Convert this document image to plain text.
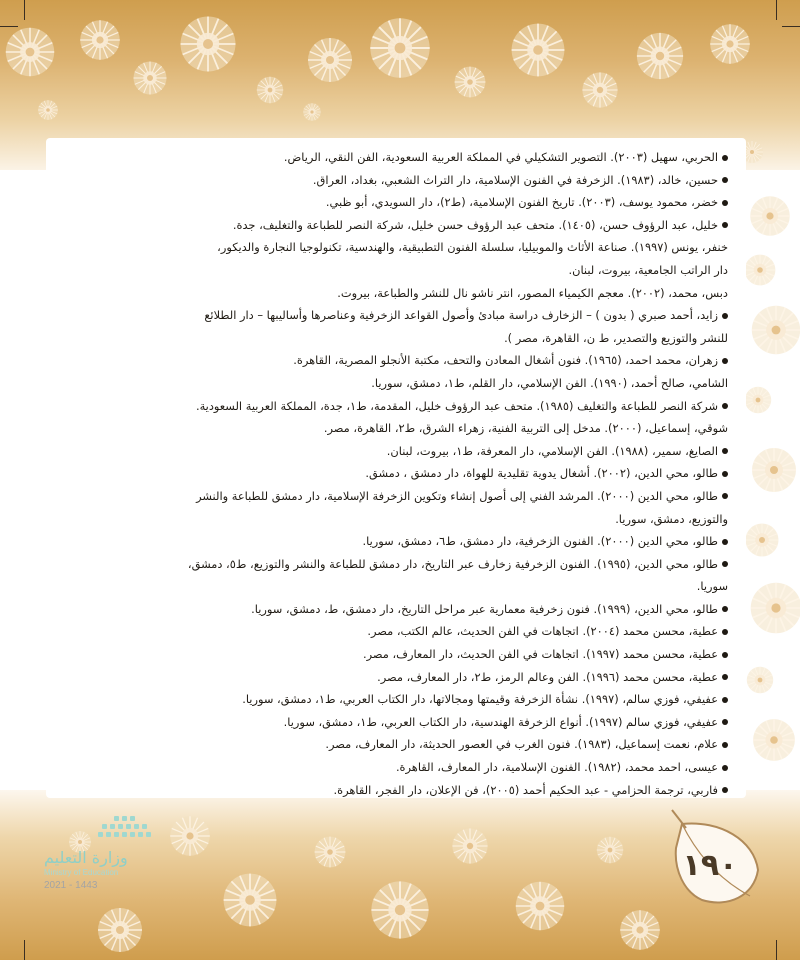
الحربي، سهيل (٢٠٠٣). التصوير التشكيلي في المملكة العربية السعودية، الفن النقي، الرياض.
حسين، خالد، (١٩٨٣). الزخرفة في الفنون الإسلامية، دار التراث الشعبي، بغداد، العراق.
خضر، محمود يوسف، (٢٠٠٣). تاريخ الفنون الإسلامية، (ط٢)، دار السويدي، أبو ظبي.
خليل، عبد الرؤوف حسن، (١٤٠٥). متحف عبد الرؤوف حسن خليل، شركة النصر للطباعة والتغليف، جدة.
خنفر، يونس (١٩٩٧). صناعة الأثاث والموبيليا، سلسلة الفنون التطبيقية، والهندسية، تكنولوجيا النجارة والديكور،
دار الراتب الجامعية، بيروت، لبنان.
دبس، محمد، (٢٠٠٢). معجم الكيمياء المصور، انتر ناشو نال للنشر والطباعة، بيروت.
زايد، أحمد صبري ( بدون ) – الزخارف دراسة مبادئ وأصول القواعد الزخرفية وعناصرها وأساليبها – دار الطلائع
للنشر والتوزيع والتصدير، ط ن، القاهرة، مصر ).
زهران، محمد احمد، (١٩٦٥). فنون أشغال المعادن والتحف، مكتبة الأنجلو المصرية، القاهرة.
الشامي، صالح أحمد، (١٩٩٠). الفن الإسلامي، دار القلم، ط١، دمشق، سوريا.
شركة النصر للطباعة والتغليف (١٩٨٥). متحف عبد الرؤوف خليل، المقدمة، ط١، جدة، المملكة العربية السعودية.
شوقي، إسماعيل، (٢٠٠٠). مدخل إلى التربية الفنية، زهراء الشرق، ط٢، القاهرة، مصر.
الصايغ، سمير، (١٩٨٨). الفن الإسلامي، دار المعرفة، ط١، بيروت، لبنان.
طالو، محي الدين، (٢٠٠٢). أشغال يدوية تقليدية للهواة، دار دمشق ، دمشق.
طالو، محي الدين (٢٠٠٠). المرشد الفني إلى أصول إنشاء وتكوين الزخرفة الإسلامية، دار دمشق للطباعة والنشر
والتوزيع، دمشق، سوريا.
طالو، محي الدين (٢٠٠٠). الفنون الزخرفية، دار دمشق، ط٦، دمشق، سوريا.
طالو، محي الدين، (١٩٩٥). الفنون الزخرفية زخارف عبر التاريخ، دار دمشق للطباعة والنشر والتوزيع، ط٥، دمشق،
سوريا.
طالو، محي الدين، (١٩٩٩). فنون زخرفية معمارية عبر مراحل التاريخ، دار دمشق، ط، دمشق، سوريا.
عطية، محسن محمد (٢٠٠٤). اتجاهات في الفن الحديث، عالم الكتب، مصر.
عطية، محسن محمد (١٩٩٧). اتجاهات في الفن الحديث، دار المعارف، مصر.
عطية، محسن محمد (١٩٩٦). الفن وعالم الرمز، ط٢، دار المعارف، مصر.
عفيفي، فوزي سالم، (١٩٩٧). نشأة الزخرفة وقيمتها ومجالاتها، دار الكتاب العربي، ط١، دمشق، سوريا.
عفيفي، فوزي سالم (١٩٩٧). أنواع الزخرفة الهندسية، دار الكتاب العربي، ط١، دمشق، سوريا.
علام، نعمت إسماعيل، (١٩٨٣). فنون الغرب في العصور الحديثة، دار المعارف، مصر.
عيسى، احمد محمد، (١٩٨٢). الفنون الإسلامية، دار المعارف، القاهرة.
فاربي، ترجمة الحزامي - عبد الحكيم أحمد (٢٠٠٥)، فن الإعلان، دار الفجر، القاهرة.
١٩٠
وزارة التعليم
Ministry of Education
2021 - 1443
